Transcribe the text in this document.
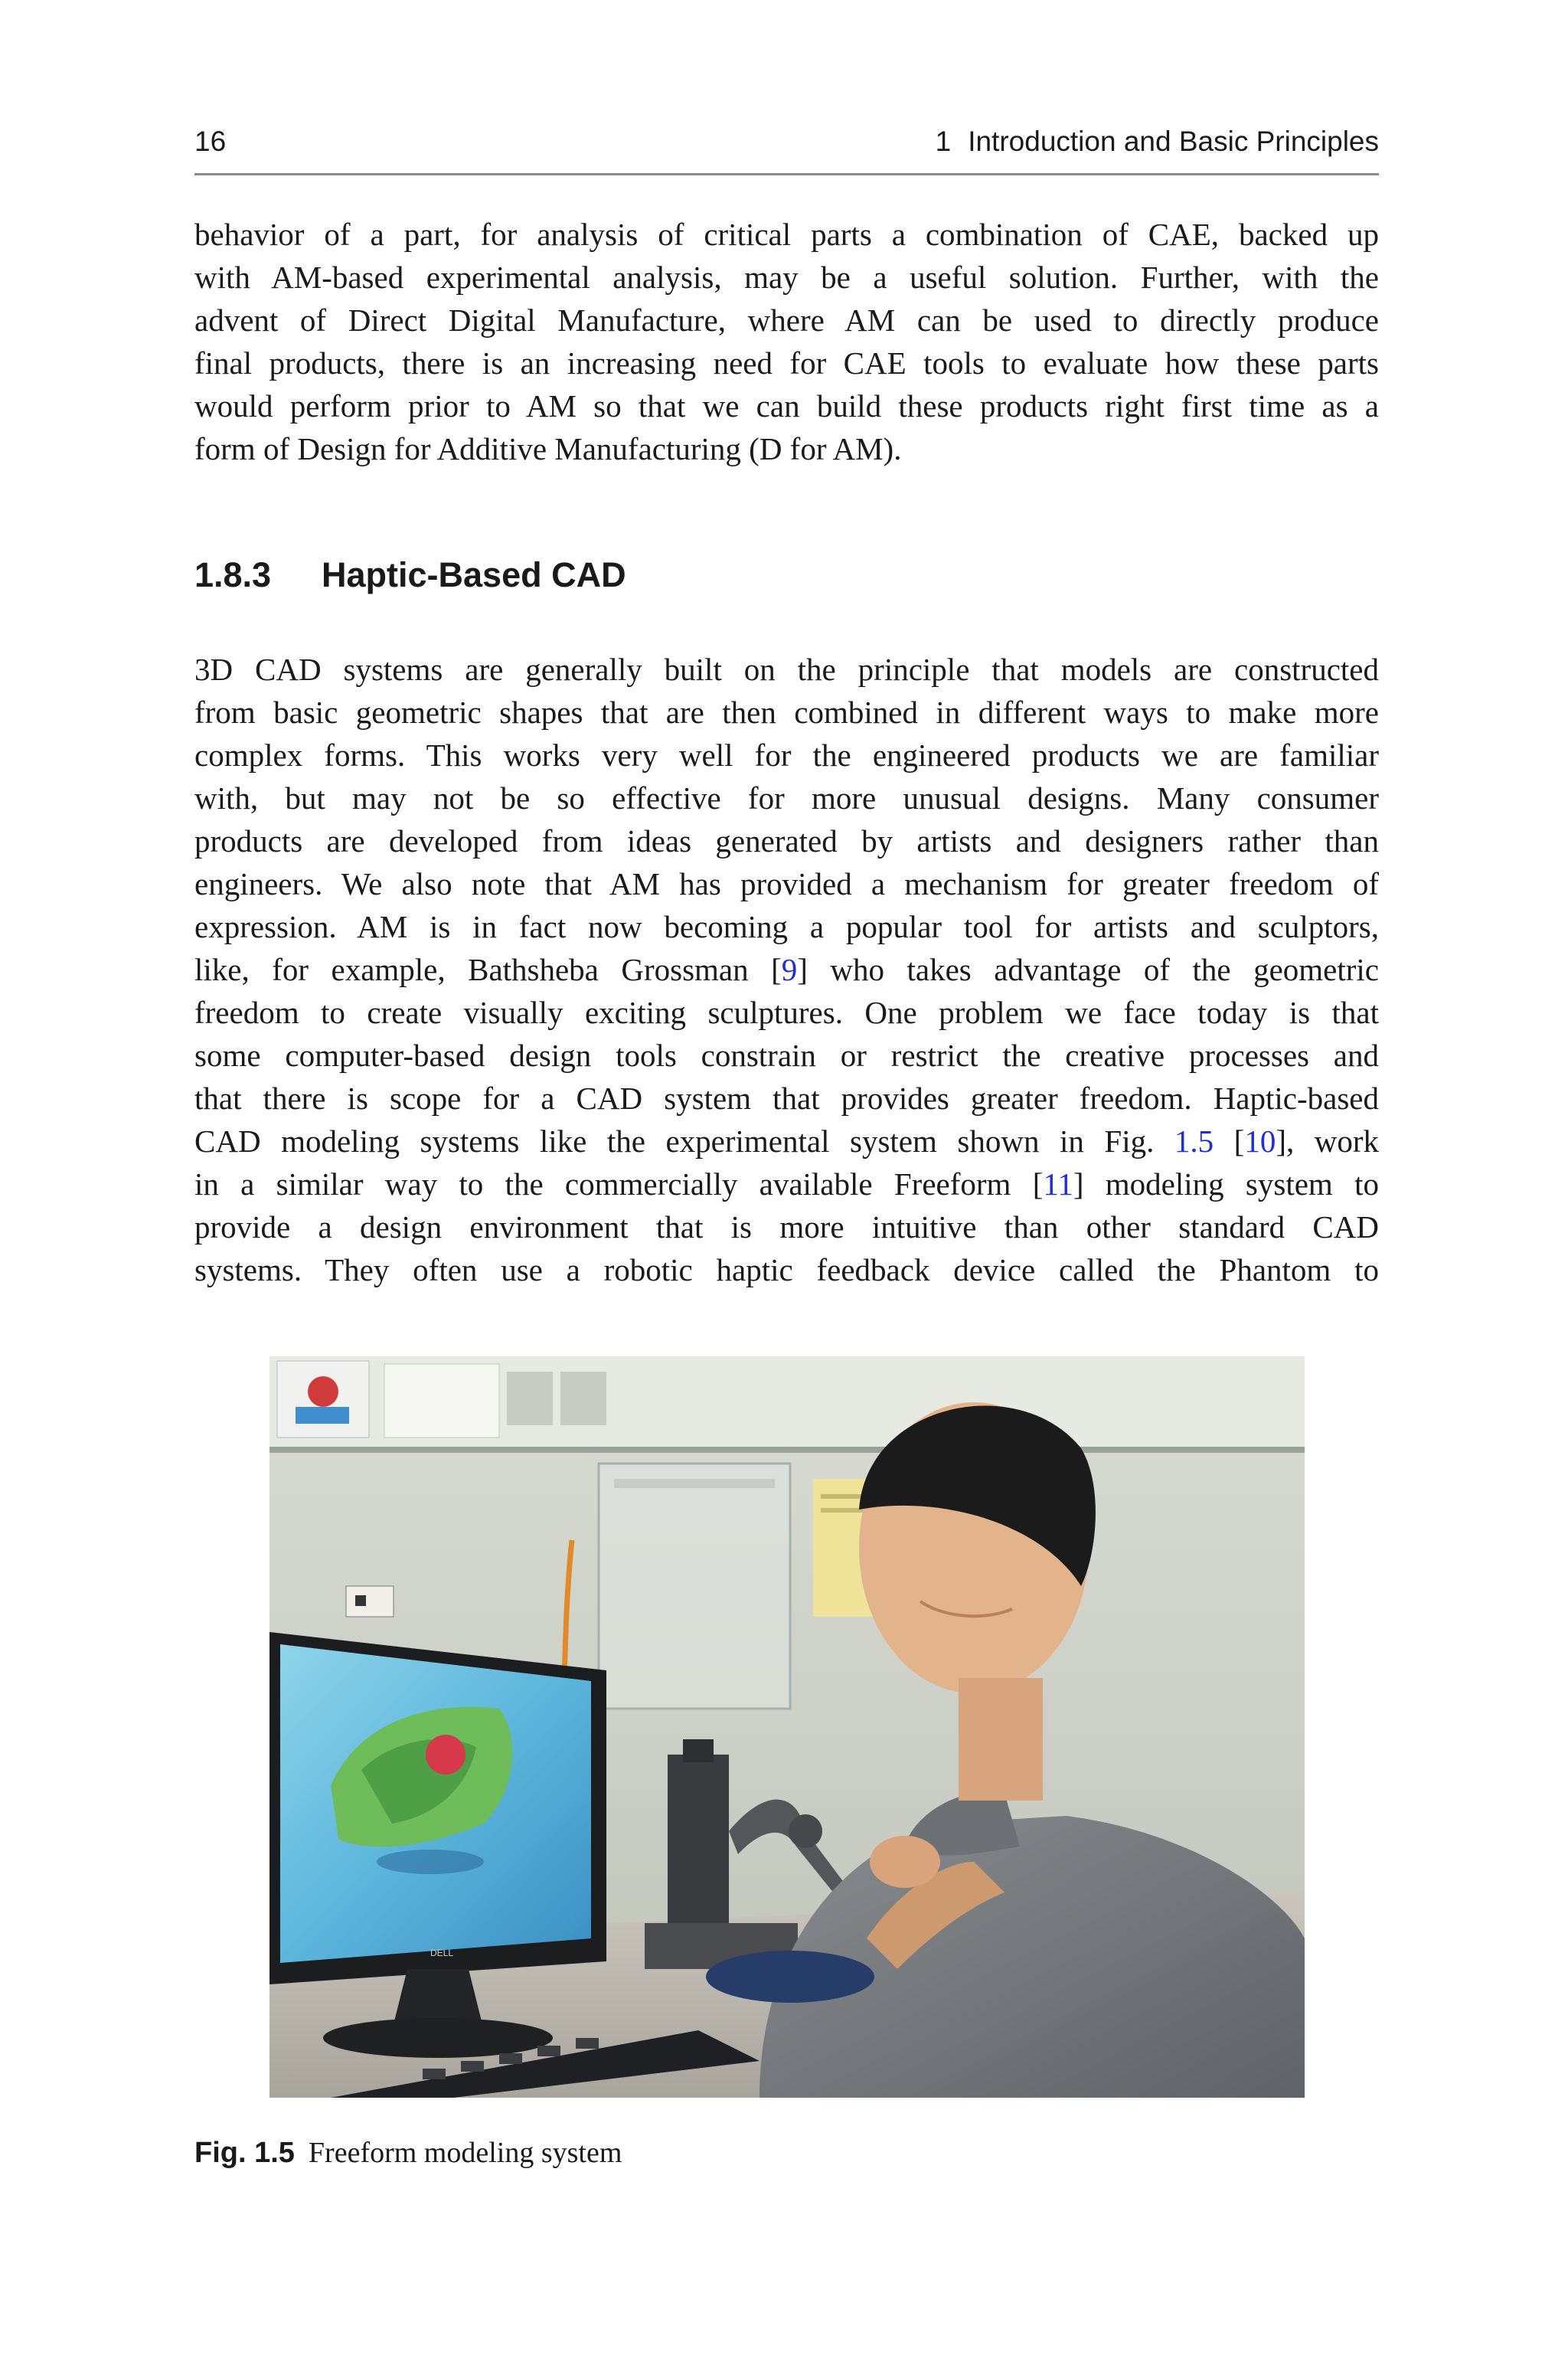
16	1 Introduction and Basic Principles
behavior of a part, for analysis of critical parts a combination of CAE, backed up
with AM-based experimental analysis, may be a useful solution. Further, with the
advent of Direct Digital Manufacture, where AM can be used to directly produce
final products, there is an increasing need for CAE tools to evaluate how these parts
would perform prior to AM so that we can build these products right first time as a
form of Design for Additive Manufacturing (D for AM).
1.8.3 Haptic-Based CAD
3D CAD systems are generally built on the principle that models are constructed
from basic geometric shapes that are then combined in different ways to make more
complex forms. This works very well for the engineered products we are familiar
with, but may not be so effective for more unusual designs. Many consumer
products are developed from ideas generated by artists and designers rather than
engineers. We also note that AM has provided a mechanism for greater freedom of
expression. AM is in fact now becoming a popular tool for artists and sculptors,
like, for example, Bathsheba Grossman [9] who takes advantage of the geometric
freedom to create visually exciting sculptures. One problem we face today is that
some computer-based design tools constrain or restrict the creative processes and
that there is scope for a CAD system that provides greater freedom. Haptic-based
CAD modeling systems like the experimental system shown in Fig. 1.5 [10], work
in a similar way to the commercially available Freeform [11] modeling system to
provide a design environment that is more intuitive than other standard CAD
systems. They often use a robotic haptic feedback device called the Phantom to
DELL
Fig. 1.5 Freeform modeling system
